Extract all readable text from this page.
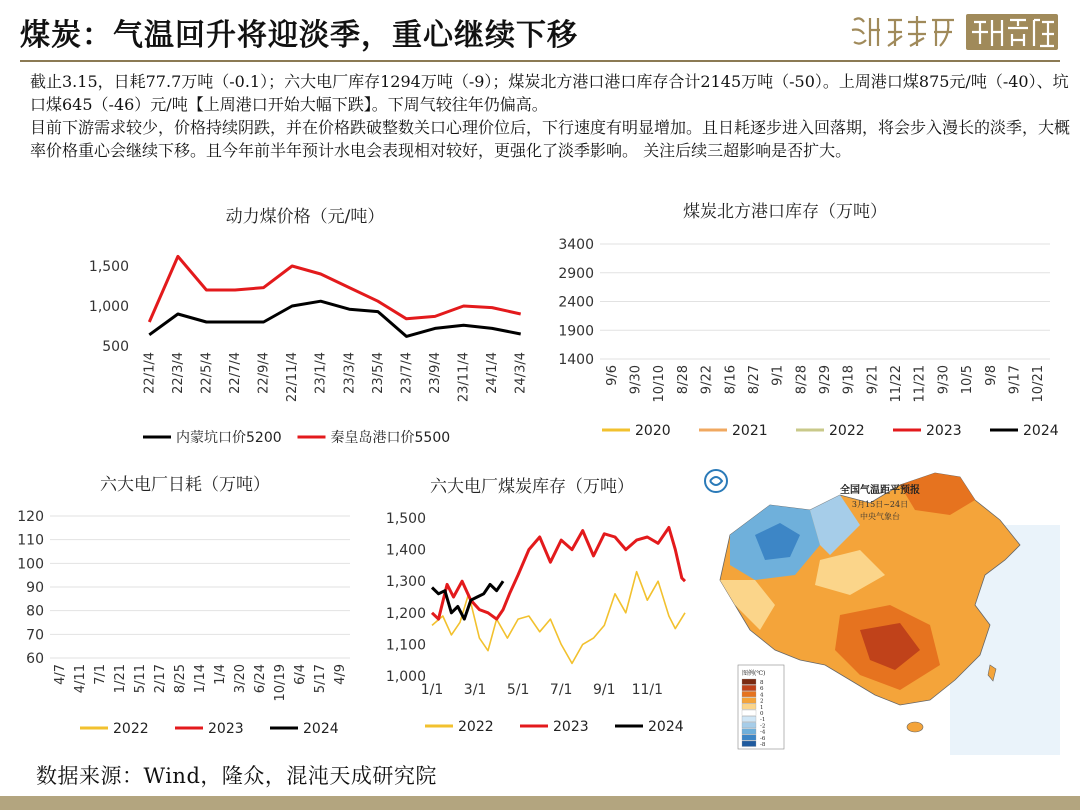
煤炭：气温回升将迎淡季，重心继续下移

截止3.15，日耗77.7万吨（-0.1）；六大电厂库存1294万吨（-9）；煤炭北方港口港口库存合计2145万吨（-50）。上周港口煤875元/吨（-40）、坑口煤645（-46）元/吨【上周港口开始大幅下跌】。下周气较往年仍偏高。

目前下游需求较少，价格持续阴跌，并在价格跌破整数关口心理价位后，下行速度有明显增加。且日耗逐步进入回落期，将会步入漫长的淡季，大概率价格重心会继续下移。且今年前半年预计水电会表现相对较好，更强化了淡季影响。 关注后续三超影响是否扩大。

动力煤价格（元/吨）
500
1,000
1,500
22/1/4 22/3/4 22/5/4 22/7/4 22/9/4 22/11/4 23/1/4 23/3/4 23/5/4 23/7/4 23/9/4 23/11/4 24/1/4 24/3/4
内蒙坑口价5200	秦皇岛港口价5500
煤炭北方港口库存（万吨）
1400
1900
2400
2900
3400
9/6 9/30 10/10 8/28 9/22 8/16 8/27 9/1 8/28 9/29 9/18 9/21 11/22 11/21 9/30 10/5 9/8 9/17 10/21
2020	2021	2022	2023	2024
六大电厂日耗（万吨）
60
70
80
90
100
110
120
4/7 4/11 7/1 1/21 5/11 2/17 8/25 1/14 1/4 3/20 6/24 10/19 6/4 5/17 4/9
2022	2023	2024
六大电厂煤炭库存（万吨）
1,000
1,100
1,200
1,300
1,400
1,500
1/1 3/1 5/1 7/1 9/1 11/1
2022	2023	2024
全国气温距平预报
3月15日~24日
中央气象台
图例(℃)
8
6
4
2
1
0
-1
-2
-4
-6
-8
数据来源：Wind，隆众，混沌天成研究院
